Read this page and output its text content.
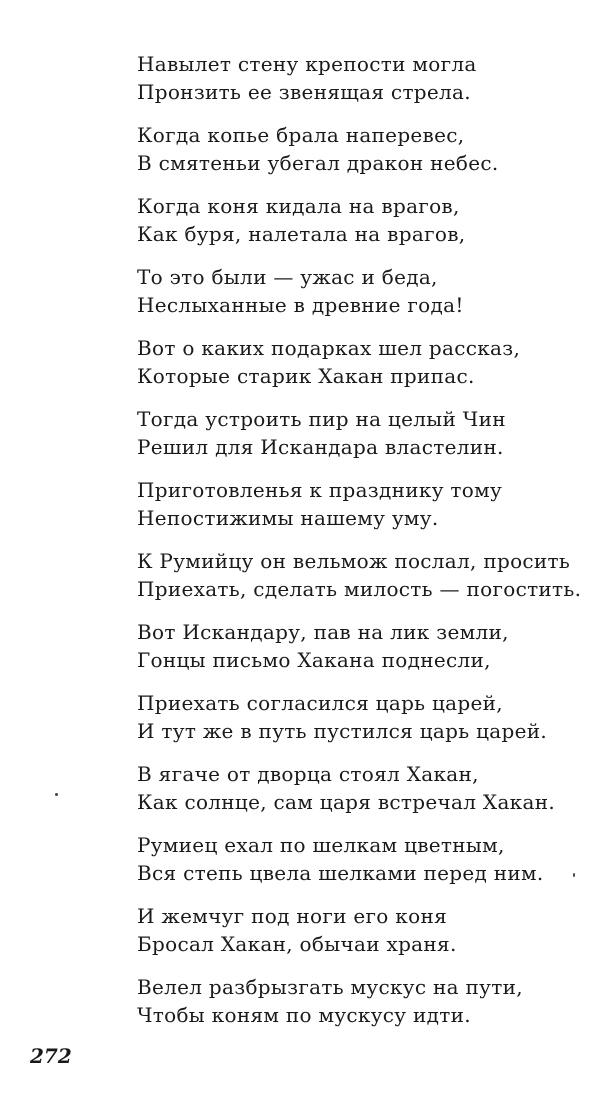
Навылет стену крепости могла
Пронзить ее звенящая стрела.

Когда копье брала наперевес,
В смятеньи убегал дракон небес.

Когда коня кидала на врагов,
Как буря, налетала на врагов,

То это были — ужас и беда,
Неслыханные в древние года!

Вот о каких подарках шел рассказ,
Которые старик Хакан припас.

Тогда устроить пир на целый Чин
Решил для Искандара властелин.

Приготовленья к празднику тому
Непостижимы нашему уму.

К Румийцу он вельмож послал, просить
Приехать, сделать милость — погостить.

Вот Искандару, пав на лик земли,
Гонцы письмо Хакана поднесли,

Приехать согласился царь царей,
И тут же в путь пустился царь царей.

В ягаче от дворца стоял Хакан,
Как солнце, сам царя встречал Хакан.

Румиец ехал по шелкам цветным,
Вся степь цвела шелками перед ним.

И жемчуг под ноги его коня
Бросал Хакан, обычаи храня.

Велел разбрызгать мускус на пути,
Чтобы коням по мускусу идти.

272
